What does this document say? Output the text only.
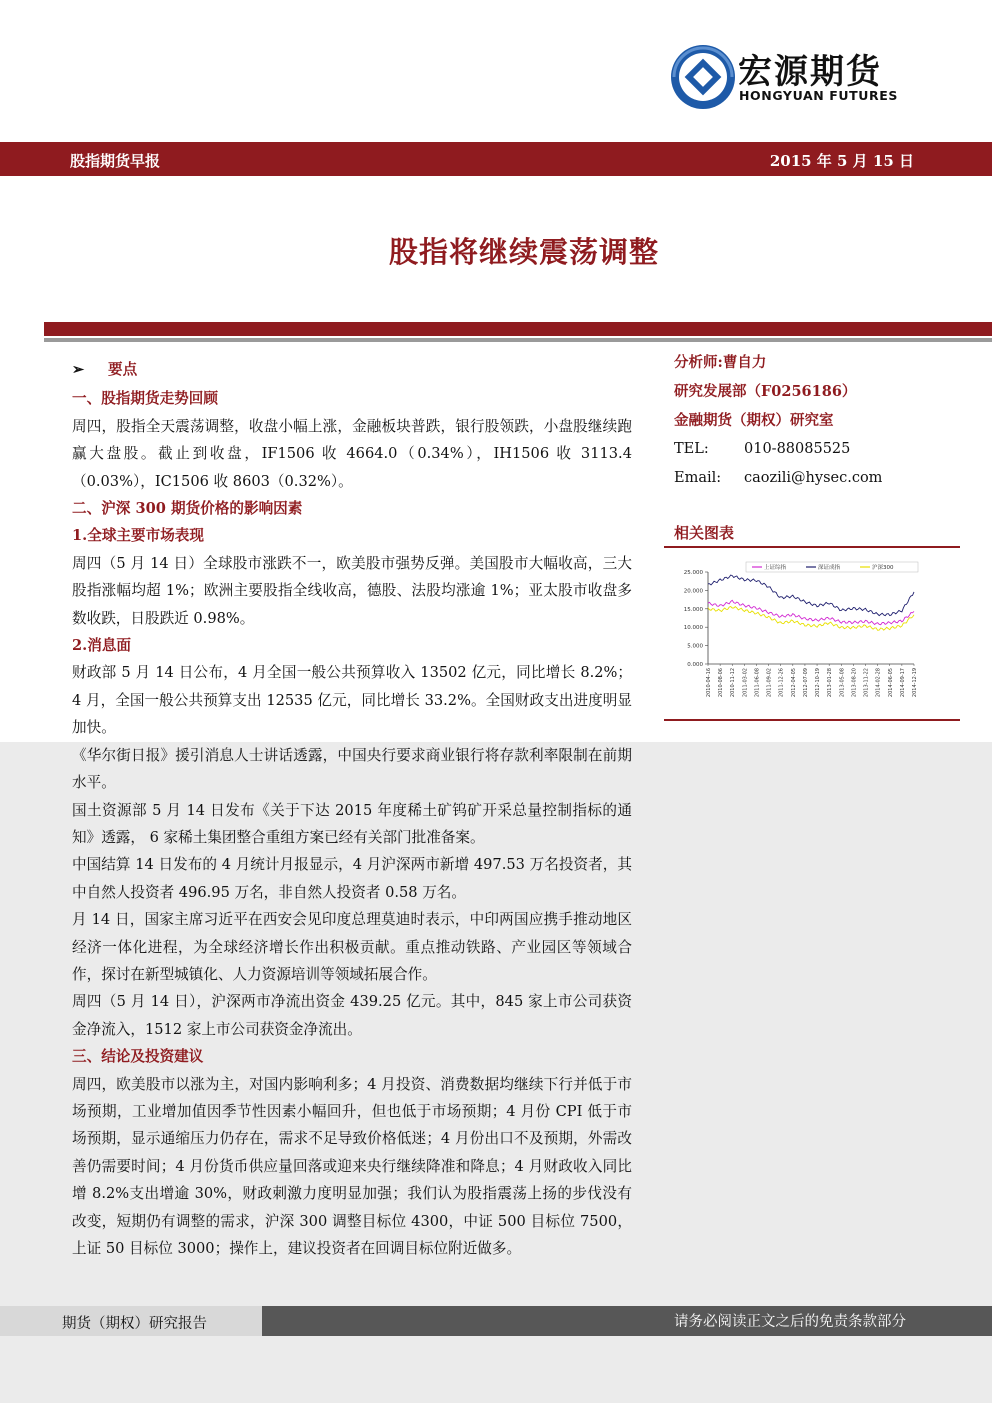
宏源期货
HONGYUAN FUTURES
股指期货早报	2015 年 5 月 15 日
股指将继续震荡调整

➢ 要点

一、股指期货走势回顾

周四，股指全天震荡调整，收盘小幅上涨，金融板块普跌，银行股领跌，小盘股继续跑赢大盘股。截止到收盘，IF1506 收 4664.0（0.34%），IH1506 收 3113.4（0.03%），IC1506 收 8603（0.32%）。

二、沪深 300 期货价格的影响因素

1.全球主要市场表现

周四（5 月 14 日）全球股市涨跌不一，欧美股市强势反弹。美国股市大幅收高，三大股指涨幅均超 1%；欧洲主要股指全线收高，德股、法股均涨逾 1%；亚太股市收盘多数收跌，日股跌近 0.98%。

2.消息面

财政部 5 月 14 日公布，4 月全国一般公共预算收入 13502 亿元，同比增长 8.2%；4 月，全国一般公共预算支出 12535 亿元，同比增长 33.2%。全国财政支出进度明显加快。

《华尔街日报》援引消息人士讲话透露，中国央行要求商业银行将存款利率限制在前期水平。

国土资源部 5 月 14 日发布《关于下达 2015 年度稀土矿钨矿开采总量控制指标的通知》透露， 6 家稀土集团整合重组方案已经有关部门批准备案。

中国结算 14 日发布的 4 月统计月报显示，4 月沪深两市新增 497.53 万名投资者，其中自然人投资者 496.95 万名，非自然人投资者 0.58 万名。

月 14 日，国家主席习近平在西安会见印度总理莫迪时表示，中印两国应携手推动地区经济一体化进程，为全球经济增长作出积极贡献。重点推动铁路、产业园区等领域合作，探讨在新型城镇化、人力资源培训等领域拓展合作。

周四（5 月 14 日），沪深两市净流出资金 439.25 亿元。其中，845 家上市公司获资金净流入，1512 家上市公司获资金净流出。

三、结论及投资建议

周四，欧美股市以涨为主，对国内影响利多；4 月投资、消费数据均继续下行并低于市场预期，工业增加值因季节性因素小幅回升，但也低于市场预期；4 月份 CPI 低于市场预期，显示通缩压力仍存在，需求不足导致价格低迷；4 月份出口不及预期，外需改善仍需要时间；4 月份货币供应量回落或迎来央行继续降准和降息；4 月财政收入同比增 8.2%支出增逾 30%，财政刺激力度明显加强；我们认为股指震荡上扬的步伐没有改变，短期仍有调整的需求，沪深 300 调整目标位 4300，中证 500 目标位 7500，上证 50 目标位 3000；操作上，建议投资者在回调目标位附近做多。

分析师:曹自力
研究发展部（F0256186）
金融期货（期权）研究室
TEL:	010-88085525
Email:	caozili@hysec.com
相关图表
25.000
20.000
15.000
10.000
5.000
0.000
2010-04-16 2010-08-06 2010-11-12 2011-03-02 2011-06-08 2011-09-02 2011-12-26 2012-04-05 2012-07-09 2012-10-19 2013-01-28 2013-05-08 2013-08-20 2013-11-22 2014-02-28 2014-06-05 2014-09-17 2014-12-19
上证综指	深证成指	沪深300
期货（期权）研究报告	请务必阅读正文之后的免责条款部分
